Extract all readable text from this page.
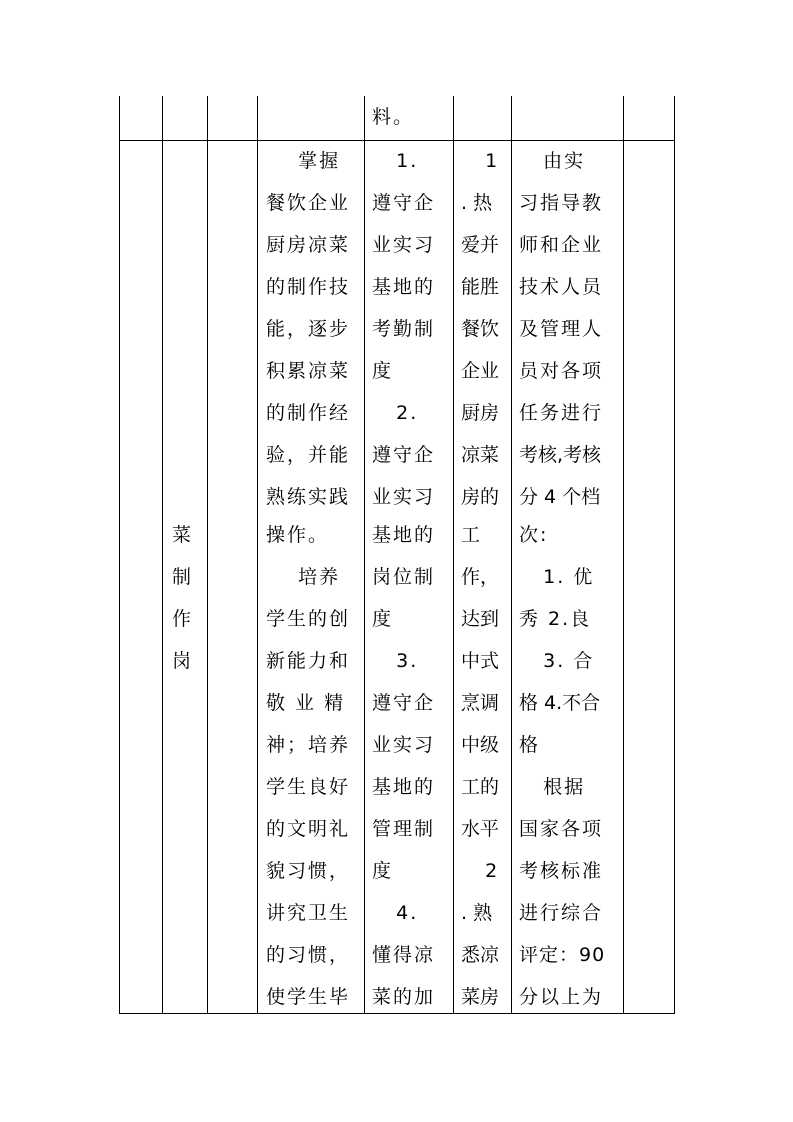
料。
菜
制
作
岗
掌握
餐饮企业
厨房凉菜
的制作技
能，逐步
积累凉菜
的制作经
验，并能
熟练实践
操作。
培养
学生的创
新能力和
敬 业 精
神；培养
学生良好
的文明礼
貌习惯，
讲究卫生
的习惯，
使学生毕
1.
遵守企
业实习
基地的
考勤制
度
2.
遵守企
业实习
基地的
岗位制
度
3.
遵守企
业实习
基地的
管理制
度
4.
懂得凉
菜的加
1
. 热
爱并
能胜
餐饮
企业
厨房
凉菜
房的
工
作，
达到
中式
烹调
中级
工的
水平
2
. 熟
悉凉
菜房
由实
习指导教
师和企业
技术人员
及管理人
员对各项
任务进行
考核,考核
分 4 个档
次:
1. 优
秀 2.良
3. 合
格 4.不合
格
根据
国家各项
考核标准
进行综合
评定：90
分以上为
